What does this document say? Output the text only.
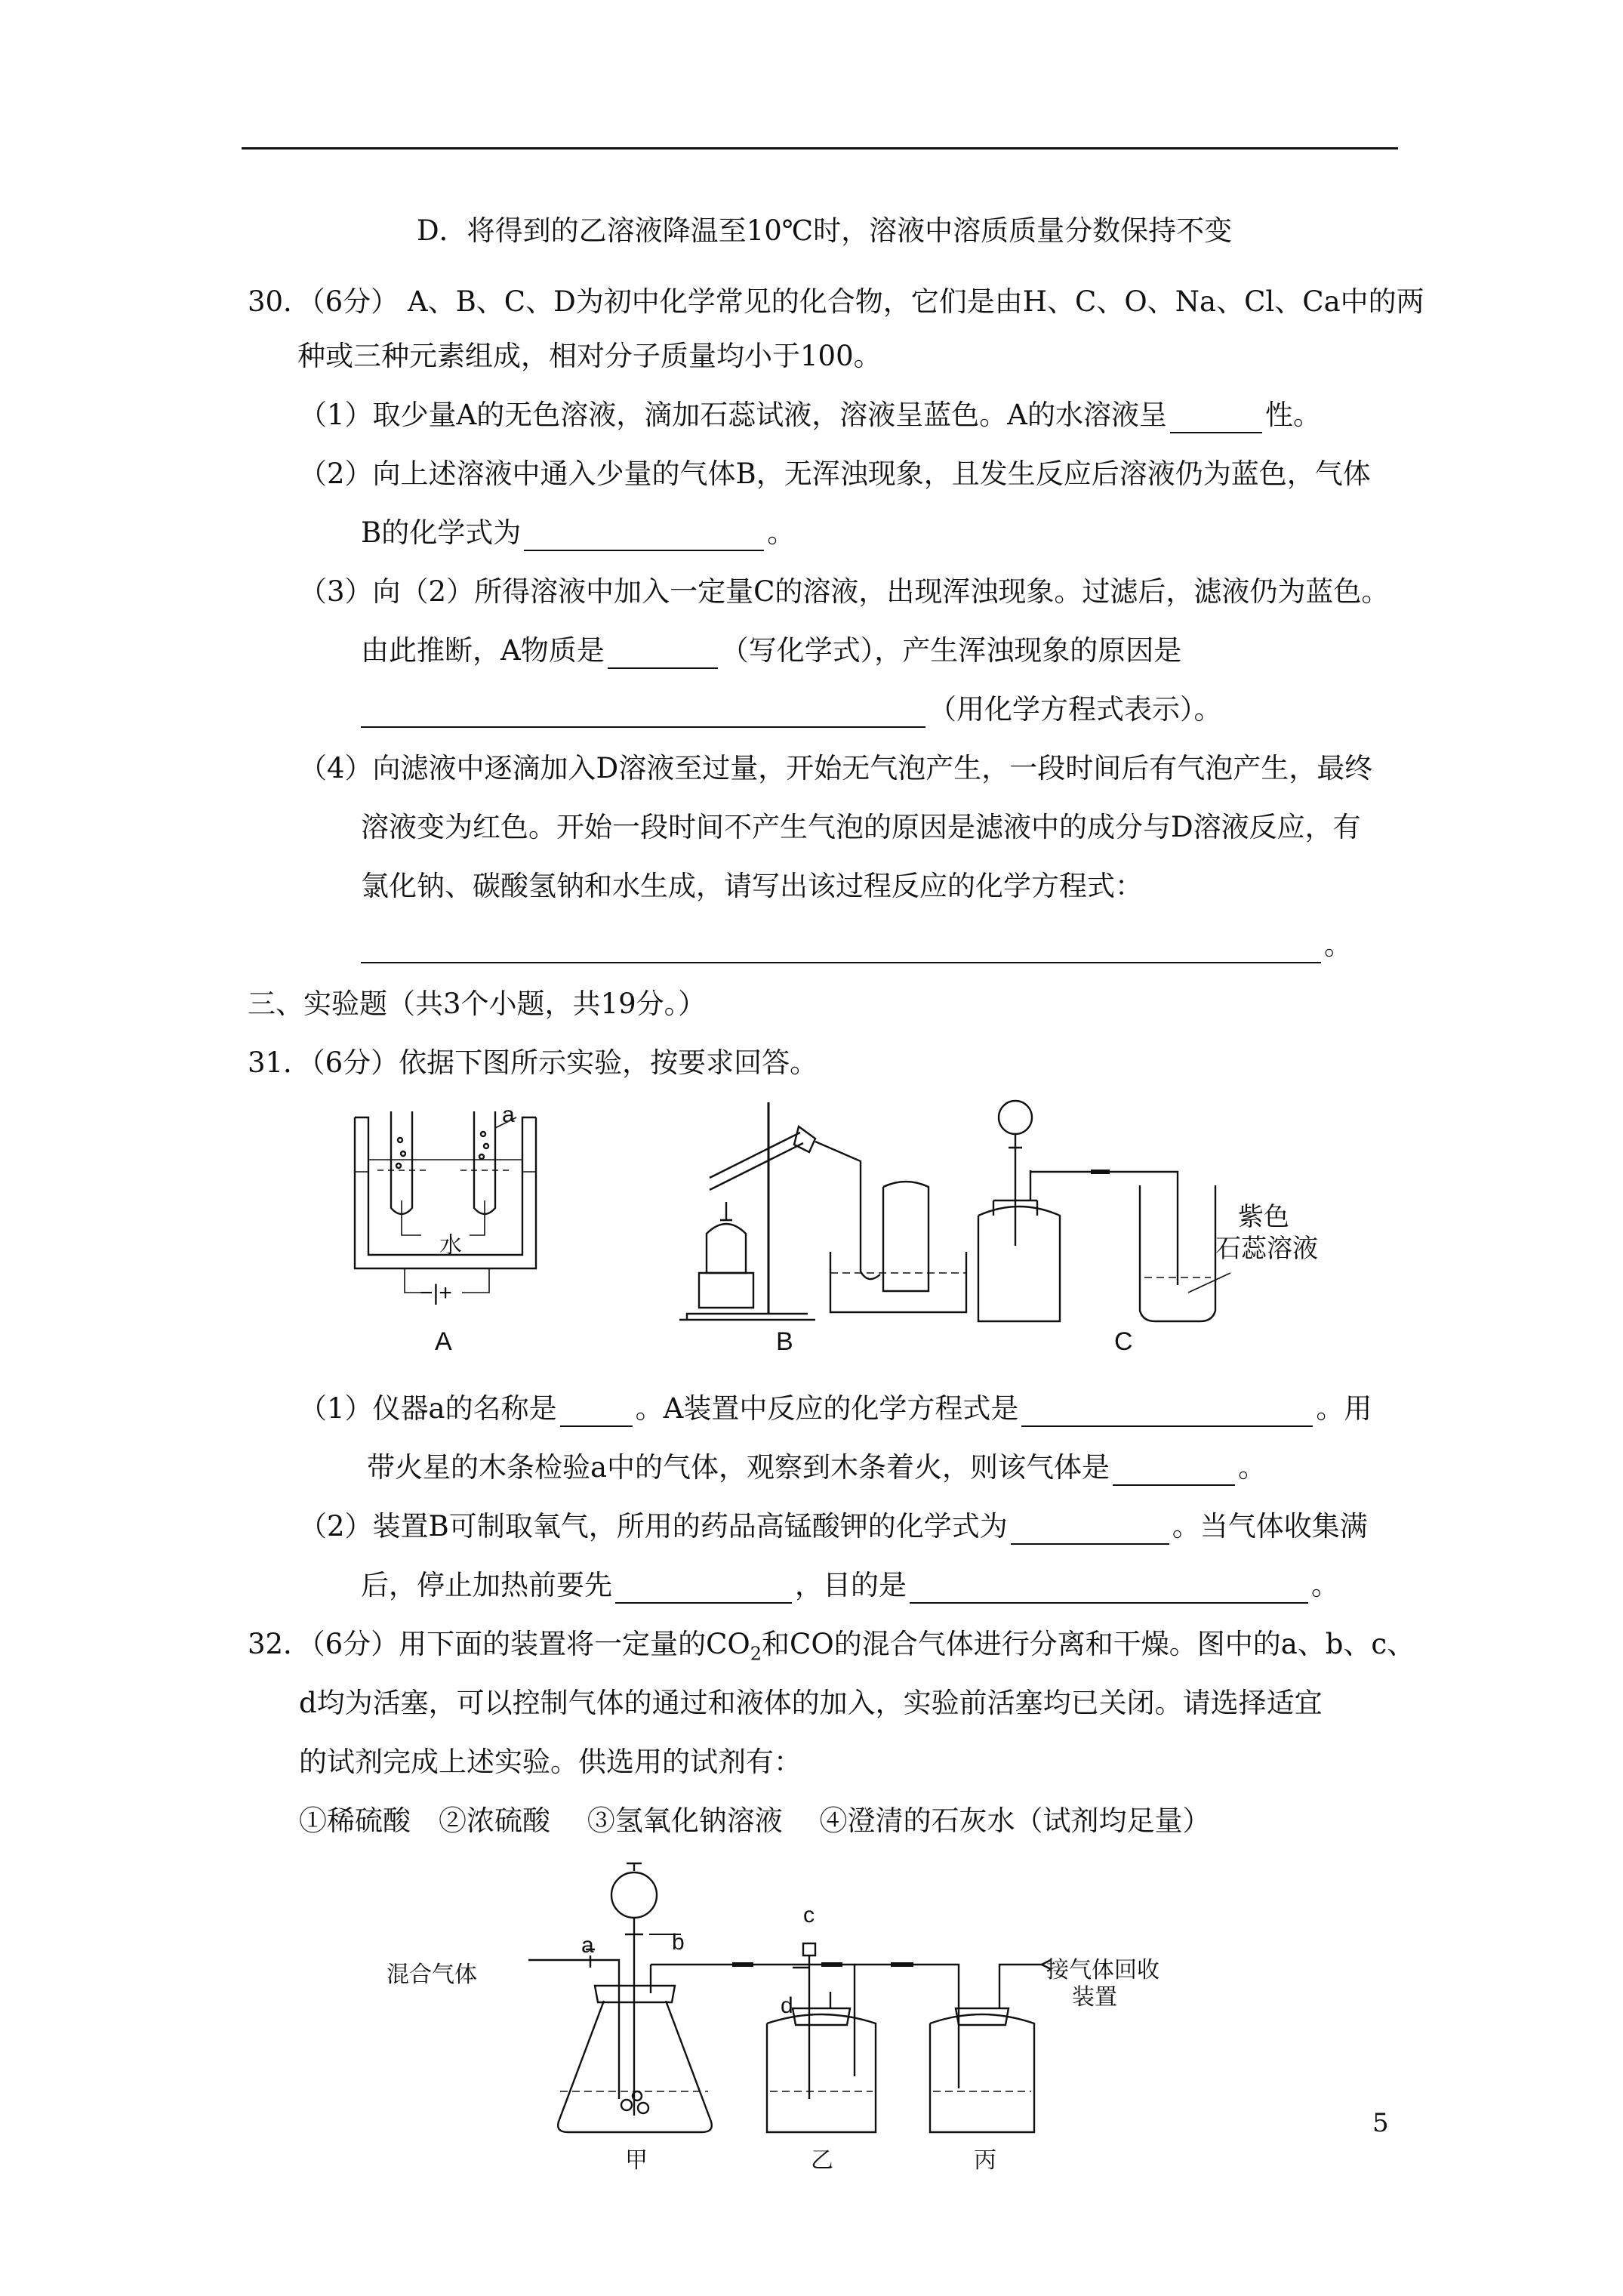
D．将得到的乙溶液降温至10℃时，溶液中溶质质量分数保持不变
30．（6分） A、B、C、D为初中化学常见的化合物，它们是由H、C、O、Na、Cl、Ca中的两
种或三种元素组成，相对分子质量均小于100。
（1）取少量A的无色溶液，滴加石蕊试液，溶液呈蓝色。A的水溶液呈	性。
（2）向上述溶液中通入少量的气体B，无浑浊现象，且发生反应后溶液仍为蓝色，气体
B的化学式为	。
（3）向（2）所得溶液中加入一定量C的溶液，出现浑浊现象。过滤后，滤液仍为蓝色。
由此推断，A物质是	（写化学式），产生浑浊现象的原因是
（用化学方程式表示）。
（4）向滤液中逐滴加入D溶液至过量，开始无气泡产生，一段时间后有气泡产生，最终
溶液变为红色。开始一段时间不产生气泡的原因是滤液中的成分与D溶液反应，有
氯化钠、碳酸氢钠和水生成，请写出该过程反应的化学方程式：
。
三、实验题（共3个小题，共19分。）
31．（6分）依据下图所示实验，按要求回答。
a
水
−|+
紫色
石蕊溶液
A	B	C
（1）仪器a的名称是	。A装置中反应的化学方程式是	。用
带火星的木条检验a中的气体，观察到木条着火，则该气体是	。
（2）装置B可制取氧气，所用的药品高锰酸钾的化学式为	。当气体收集满
后，停止加热前要先	，目的是	。
32．（6分）用下面的装置将一定量的$CO_2$和CO的混合气体进行分离和干燥。图中的a、b、c、
d均为活塞，可以控制气体的通过和液体的加入，实验前活塞均已关闭。请选择适宜
的试剂完成上述实验。供选用的试剂有：
①稀硫酸　②浓硫酸　 ③氢氧化钠溶液　 ④澄清的石灰水（试剂均足量）
混合气体
a	b
c
d
接气体回收
装置
甲	乙	丙
5
